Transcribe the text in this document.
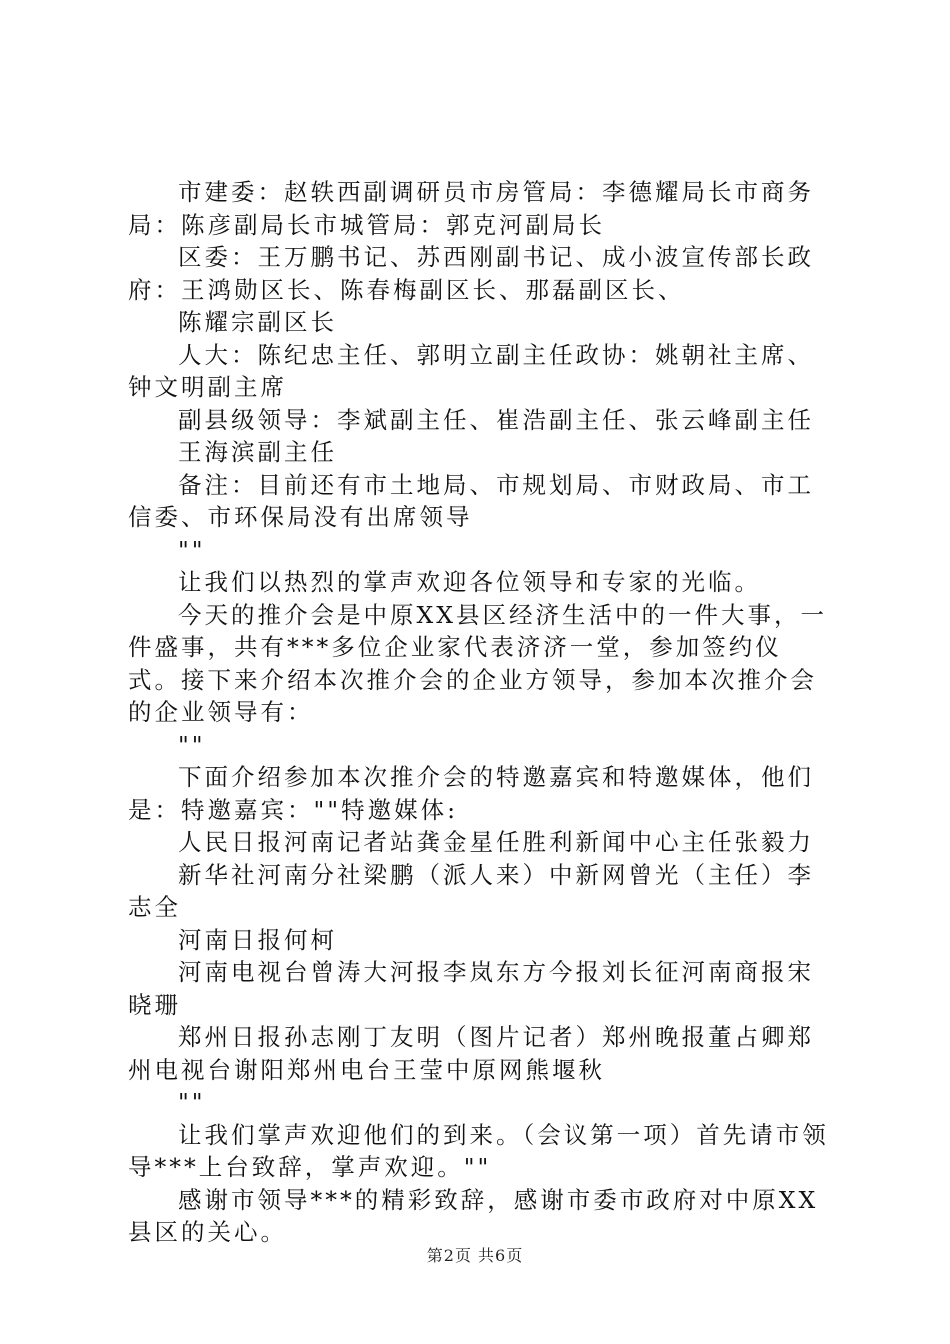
市建委：赵轶西副调研员市房管局：李德耀局长市商务局：陈彦副局长市城管局：郭克河副局长

区委：王万鹏书记、苏西刚副书记、成小波宣传部长政府：王鸿勋区长、陈春梅副区长、那磊副区长、

陈耀宗副区长

人大：陈纪忠主任、郭明立副主任政协：姚朝社主席、钟文明副主席

副县级领导：李斌副主任、崔浩副主任、张云峰副主任

王海滨副主任

备注：目前还有市土地局、市规划局、市财政局、市工信委、市环保局没有出席领导

""

让我们以热烈的掌声欢迎各位领导和专家的光临。

今天的推介会是中原XX县区经济生活中的一件大事，一件盛事，共有***多位企业家代表济济一堂，参加签约仪式。接下来介绍本次推介会的企业方领导，参加本次推介会的企业领导有：

""

下面介绍参加本次推介会的特邀嘉宾和特邀媒体，他们是：特邀嘉宾：""特邀媒体:

人民日报河南记者站龚金星任胜利新闻中心主任张毅力

新华社河南分社梁鹏（派人来）中新网曾光（主任）李志全

河南日报何柯

河南电视台曾涛大河报李岚东方今报刘长征河南商报宋晓珊

郑州日报孙志刚丁友明（图片记者）郑州晚报董占卿郑州电视台谢阳郑州电台王莹中原网熊堰秋

""

让我们掌声欢迎他们的到来。（会议第一项）首先请市领导***上台致辞，掌声欢迎。""

感谢市领导***的精彩致辞，感谢市委市政府对中原XX县区的关心。

第2页 共6页
